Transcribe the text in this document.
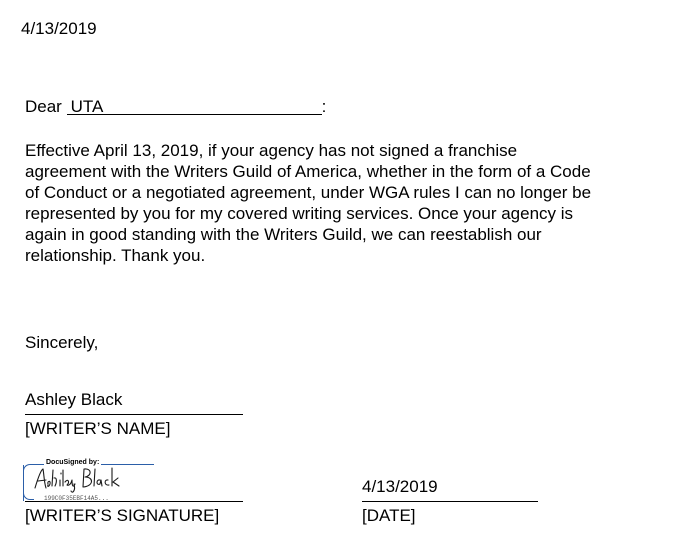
4/13/2019
Dear UTA	:

Effective April 13, 2019, if your agency has not signed a franchise

agreement with the Writers Guild of America, whether in the form of a Code

of Conduct or a negotiated agreement, under WGA rules I can no longer be

represented by you for my covered writing services. Once your agency is

again in good standing with the Writers Guild, we can reestablish our

relationship. Thank you.

Sincerely,
Ashley Black
[WRITER’S NAME]
DocuSigned by:
199C0F35EBF14A5...
[WRITER’S SIGNATURE]
4/13/2019
[DATE]
